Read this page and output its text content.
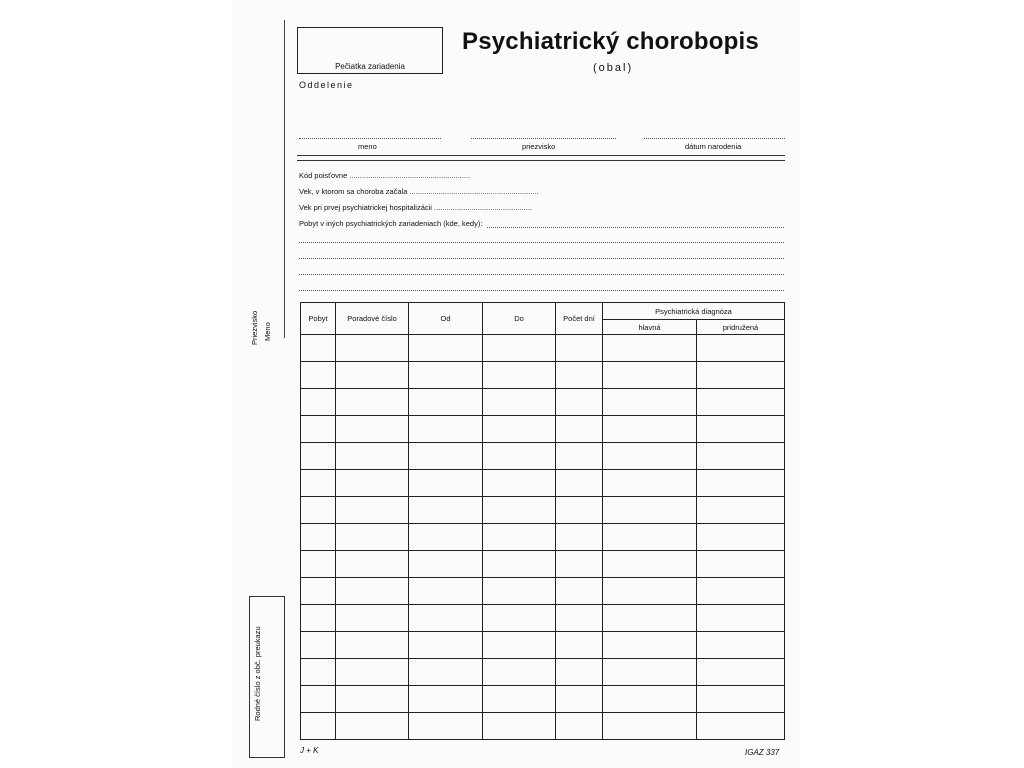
Pečiatka zariadenia
Psychiatrický chorobopis
(obal)
Oddelenie
meno	priezvisko	dátum narodenia
Kód poisťovne ..........................................................
Vek, v ktorom sa choroba začala ..............................................................
Vek pri prvej psychiatrickej hospitalizácii ...............................................
Pobyt v iných psychiatrických zariadeniach (kde, kedy):
Priezvisko Meno
Rodné číslo z obč. preukazu
Pobyt	Poradové číslo	Od	Do	Počet dní	Psychiatrická diagnóza	
					hlavná	pridružená

J + K	IGAZ 337
